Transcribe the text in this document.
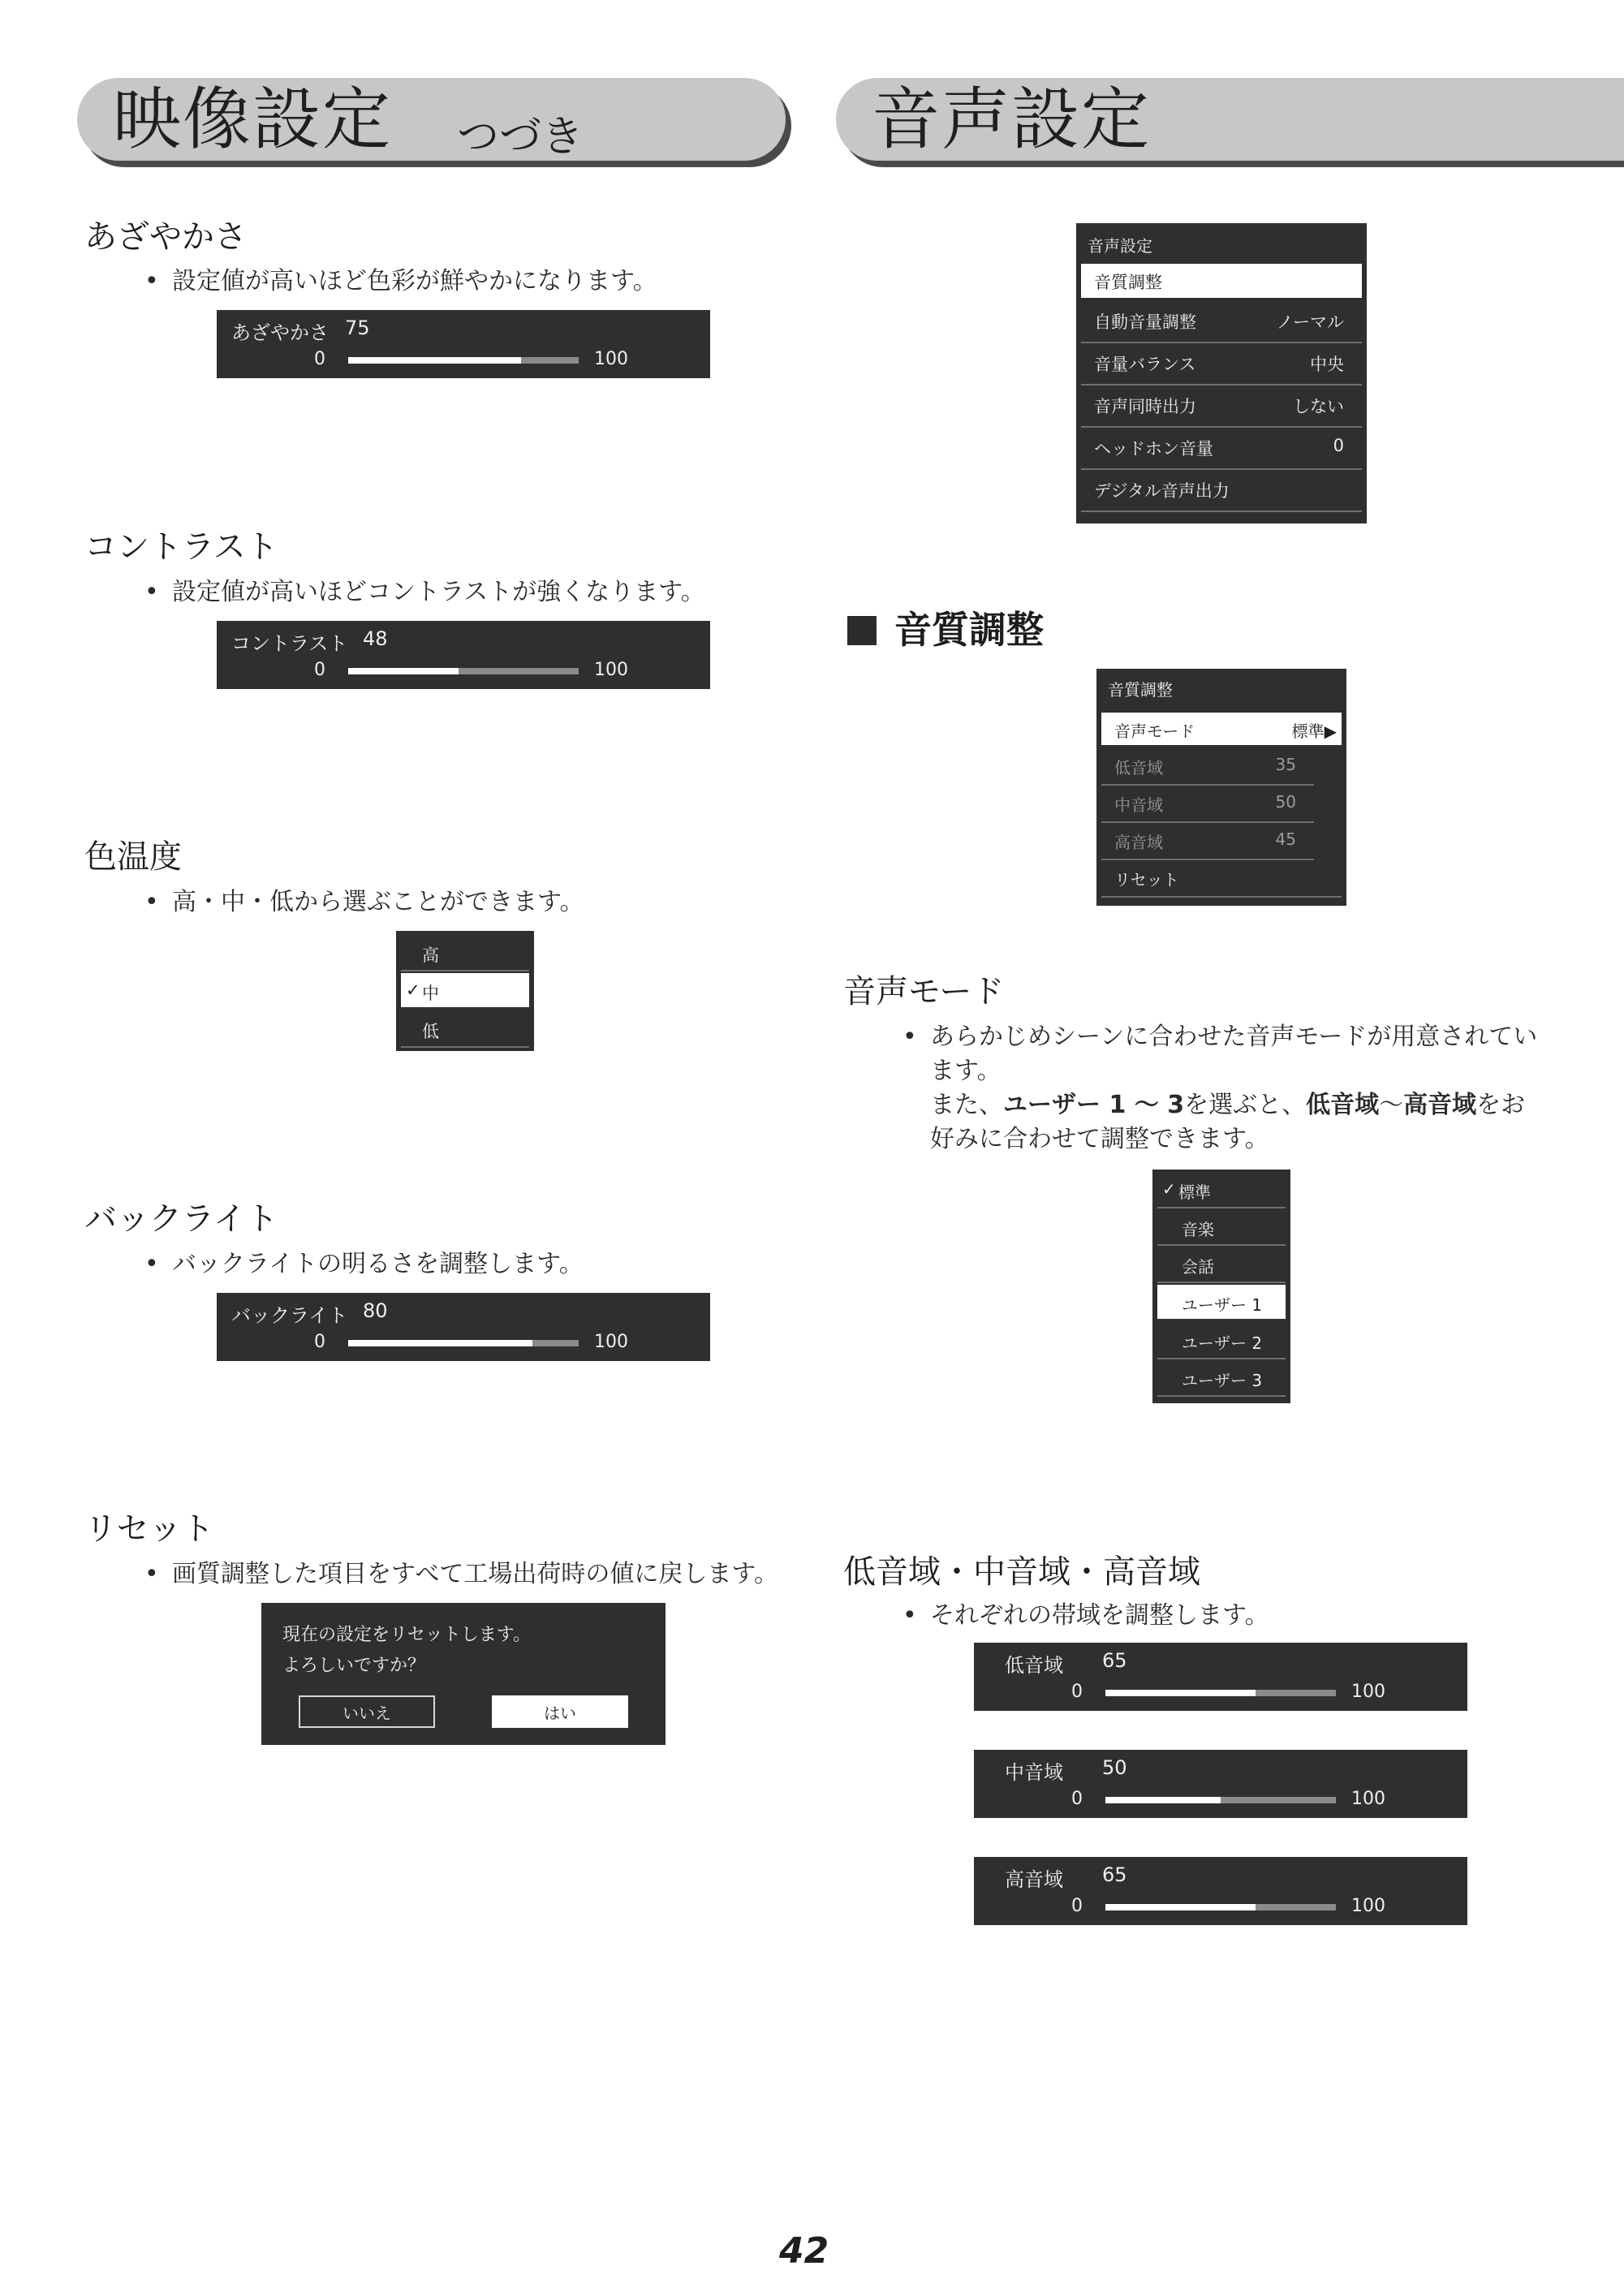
映像設定 つづき	音声設定
あざやかさ
• 設定値が高いほど色彩が鮮やかになります。
あざやかさ 75
0	100
コントラスト
• 設定値が高いほどコントラストが強くなります。
コントラスト 48
0	100
色温度
• 高・中・低から選ぶことができます。
高
✓ 中
低
バックライト
• バックライトの明るさを調整します。
バックライト 80
0	100
リセット
• 画質調整した項目をすべて工場出荷時の値に戻します。
現在の設定をリセットします。
よろしいですか？
いいえ	はい
音声設定
音質調整
自動音量調整	ノーマル
音量バランス	中央
音声同時出力	しない
ヘッドホン音量	0
デジタル音声出力
音質調整
音質調整
音声モード	標準▶
低音域	35
中音域	50
高音域	45
リセット
音声モード
• あらかじめシーンに合わせた音声モードが用意されてい
ます。
また、ユーザー 1 ～ 3を選ぶと、低音域～高音域をお
好みに合わせて調整できます。
✓ 標準
音楽
会話
ユーザー 1
ユーザー 2
ユーザー 3
低音域・中音域・高音域
• それぞれの帯域を調整します。
低音域 65
0	100
中音域 50
0	100
高音域 65
0	100
42
